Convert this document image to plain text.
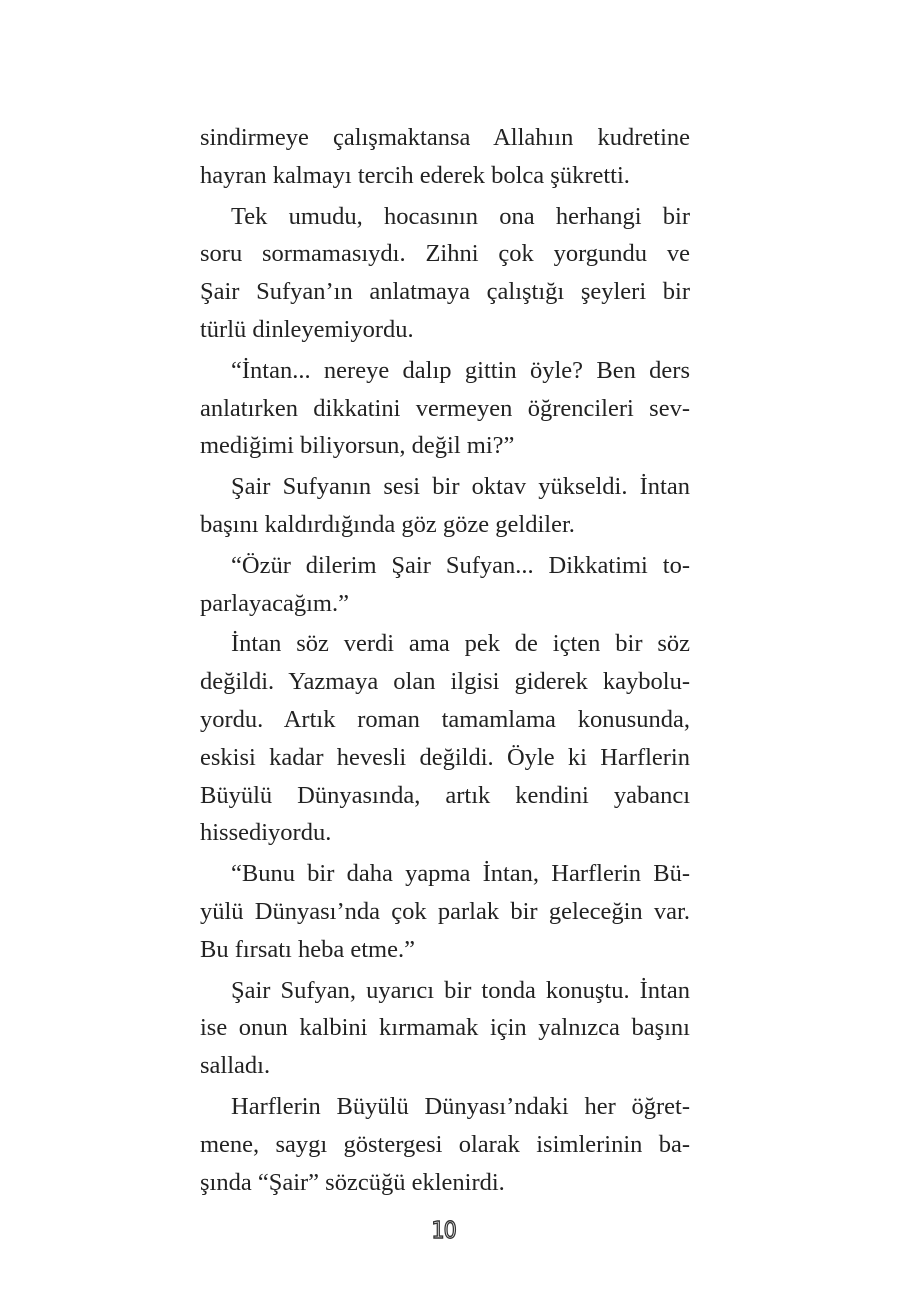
sindirmeye çalışmaktansa Allahıın kudretine
hayran kalmayı tercih ederek bolca şükretti.
Tek umudu, hocasının ona herhangi bir
soru sormamasıydı. Zihni çok yorgundu ve
Şair Sufyan’ın anlatmaya çalıştığı şeyleri bir
türlü dinleyemiyordu.
“İntan... nereye dalıp gittin öyle? Ben ders
anlatırken dikkatini vermeyen öğrencileri sev-
mediğimi biliyorsun, değil mi?”
Şair Sufyanın sesi bir oktav yükseldi. İntan
başını kaldırdığında göz göze geldiler.
“Özür dilerim Şair Sufyan... Dikkatimi to-
parlayacağım.”
İntan söz verdi ama pek de içten bir söz
değildi. Yazmaya olan ilgisi giderek kaybolu-
yordu. Artık roman tamamlama konusunda,
eskisi kadar hevesli değildi. Öyle ki Harflerin
Büyülü Dünyasında, artık kendini yabancı
hissediyordu.
“Bunu bir daha yapma İntan, Harflerin Bü-
yülü Dünyası’nda çok parlak bir geleceğin var.
Bu fırsatı heba etme.”
Şair Sufyan, uyarıcı bir tonda konuştu. İntan
ise onun kalbini kırmamak için yalnızca başını
salladı.
Harflerin Büyülü Dünyası’ndaki her öğret-
mene, saygı göstergesi olarak isimlerinin ba-
şında “Şair” sözcüğü eklenirdi.
10
